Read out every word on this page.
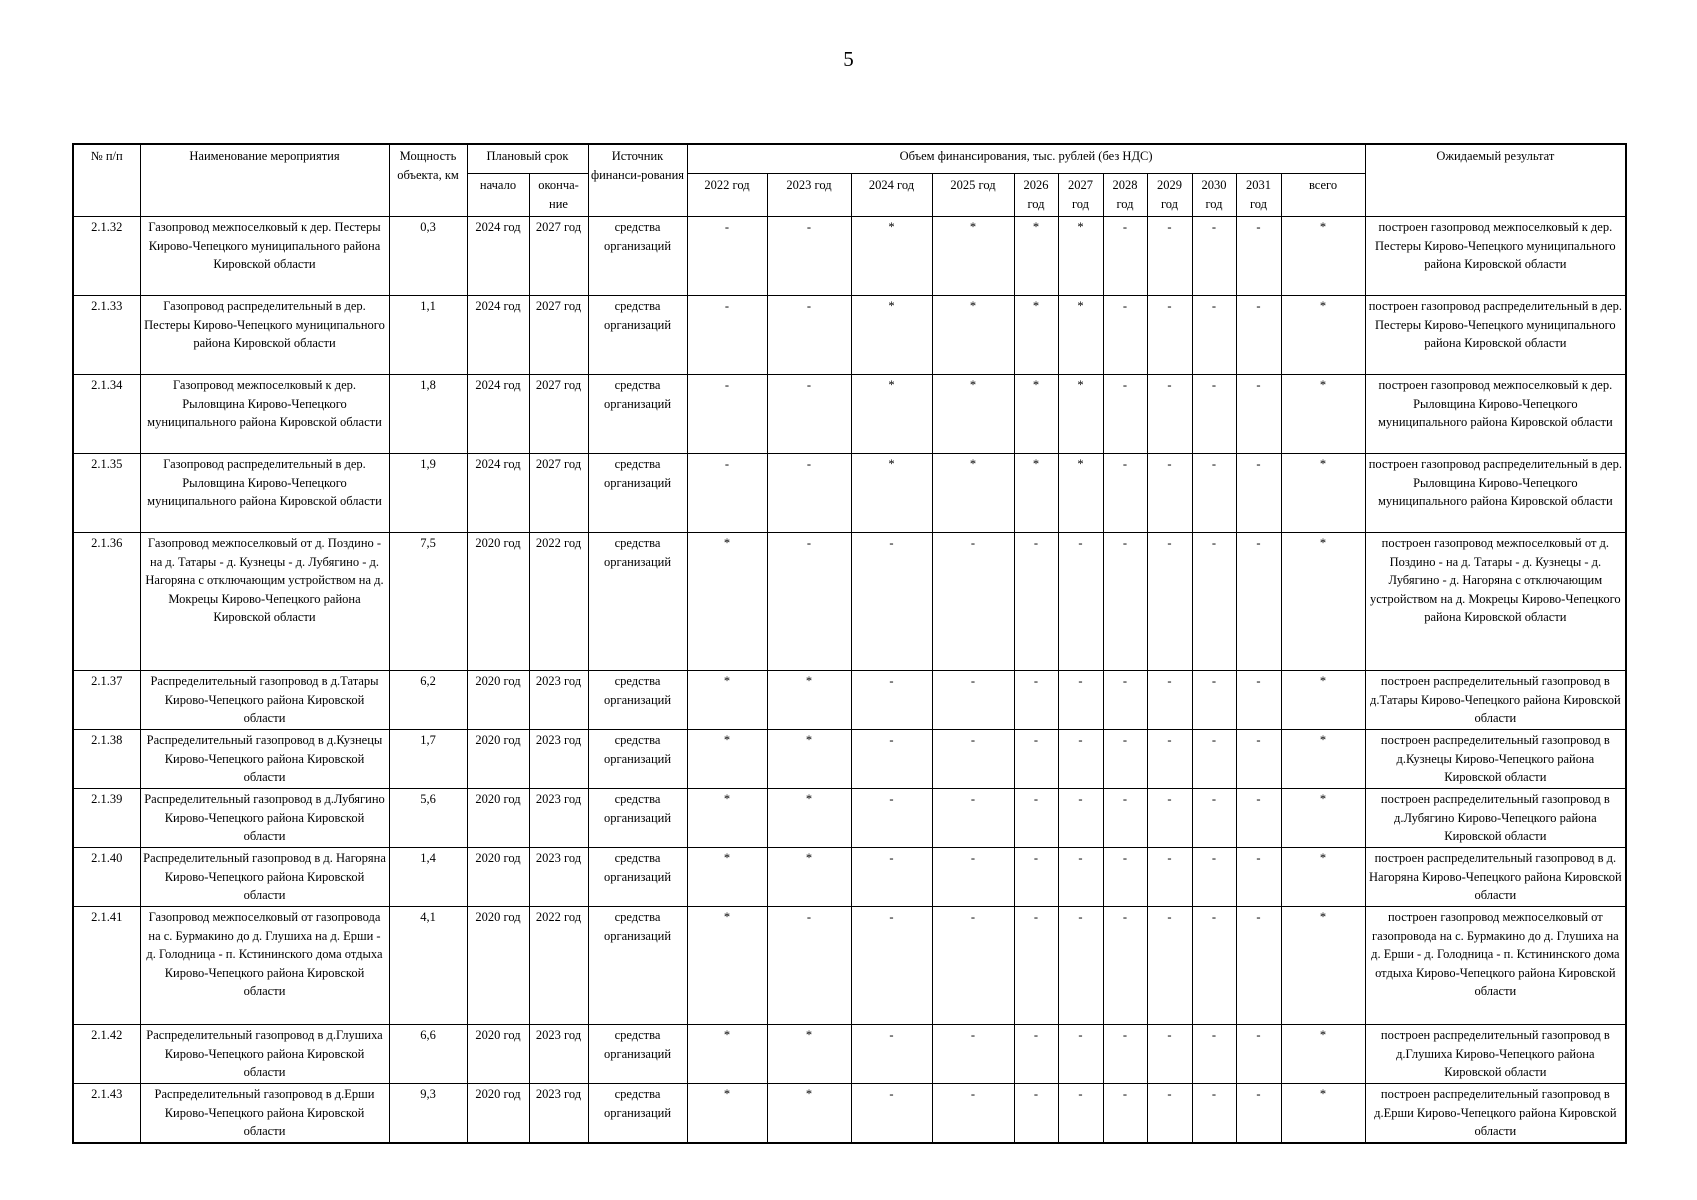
5
№ п/п	Наименование мероприятия	Мощность объекта, км	Плановый срок		Источник финанси-рования	Объем финансирования, тыс. рублей (без НДС)											Ожидаемый результат
			начало	оконча-ние		2022 год	2023 год	2024 год	2025 год	2026 год	2027 год	2028 год	2029 год	2030 год	2031 год	всего	
2.1.32	Газопровод межпоселковый к дер. Пестеры Кирово-Чепецкого муниципального района Кировской области	0,3	2024 год	2027 год	средства организаций	-	-	*	*	*	*	-	-	-	-	*	построен газопровод межпоселковый к дер. Пестеры Кирово-Чепецкого муниципального района Кировской области
2.1.33	Газопровод распределительный в дер. Пестеры Кирово-Чепецкого муниципального района Кировской области	1,1	2024 год	2027 год	средства организаций	-	-	*	*	*	*	-	-	-	-	*	построен газопровод распределительный в дер. Пестеры Кирово-Чепецкого муниципального района Кировской области
2.1.34	Газопровод межпоселковый к дер. Рыловщина Кирово-Чепецкого муниципального района Кировской области	1,8	2024 год	2027 год	средства организаций	-	-	*	*	*	*	-	-	-	-	*	построен газопровод межпоселковый к дер. Рыловщина Кирово-Чепецкого муниципального района Кировской области
2.1.35	Газопровод распределительный в дер. Рыловщина Кирово-Чепецкого муниципального района Кировской области	1,9	2024 год	2027 год	средства организаций	-	-	*	*	*	*	-	-	-	-	*	построен газопровод распределительный в дер. Рыловщина Кирово-Чепецкого муниципального района Кировской области
2.1.36	Газопровод межпоселковый от д. Поздино - на д. Татары - д. Кузнецы - д. Лубягино - д. Нагоряна с отключающим устройством на д. Мокрецы Кирово-Чепецкого района Кировской области	7,5	2020 год	2022 год	средства организаций	*	-	-	-	-	-	-	-	-	-	*	построен газопровод межпоселковый от д. Поздино - на д. Татары - д. Кузнецы - д. Лубягино - д. Нагоряна с отключающим устройством на д. Мокрецы Кирово-Чепецкого района Кировской области
2.1.37	Распределительный газопровод в д.Татары Кирово-Чепецкого района Кировской области	6,2	2020 год	2023 год	средства организаций	*	*	-	-	-	-	-	-	-	-	*	построен распределительный газопровод в д.Татары Кирово-Чепецкого района Кировской области
2.1.38	Распределительный газопровод в д.Кузнецы Кирово-Чепецкого района Кировской области	1,7	2020 год	2023 год	средства организаций	*	*	-	-	-	-	-	-	-	-	*	построен распределительный газопровод в д.Кузнецы Кирово-Чепецкого района Кировской области
2.1.39	Распределительный газопровод в д.Лубягино Кирово-Чепецкого района Кировской области	5,6	2020 год	2023 год	средства организаций	*	*	-	-	-	-	-	-	-	-	*	построен распределительный газопровод в д.Лубягино Кирово-Чепецкого района Кировской области
2.1.40	Распределительный газопровод в д. Нагоряна Кирово-Чепецкого района Кировской области	1,4	2020 год	2023 год	средства организаций	*	*	-	-	-	-	-	-	-	-	*	построен распределительный газопровод в д. Нагоряна Кирово-Чепецкого района Кировской области
2.1.41	Газопровод межпоселковый от газопровода на с. Бурмакино до д. Глушиха на д. Ерши - д. Голодница - п. Кстининского дома отдыха Кирово-Чепецкого района Кировской области	4,1	2020 год	2022 год	средства организаций	*	-	-	-	-	-	-	-	-	-	*	построен газопровод межпоселковый от газопровода на с. Бурмакино до д. Глушиха на д. Ерши - д. Голодница - п. Кстининского дома отдыха Кирово-Чепецкого района Кировской области
2.1.42	Распределительный газопровод в д.Глушиха Кирово-Чепецкого района Кировской области	6,6	2020 год	2023 год	средства организаций	*	*	-	-	-	-	-	-	-	-	*	построен распределительный газопровод в д.Глушиха Кирово-Чепецкого района Кировской области
2.1.43	Распределительный газопровод в д.Ерши Кирово-Чепецкого района Кировской области	9,3	2020 год	2023 год	средства организаций	*	*	-	-	-	-	-	-	-	-	*	построен распределительный газопровод в д.Ерши Кирово-Чепецкого района Кировской области
